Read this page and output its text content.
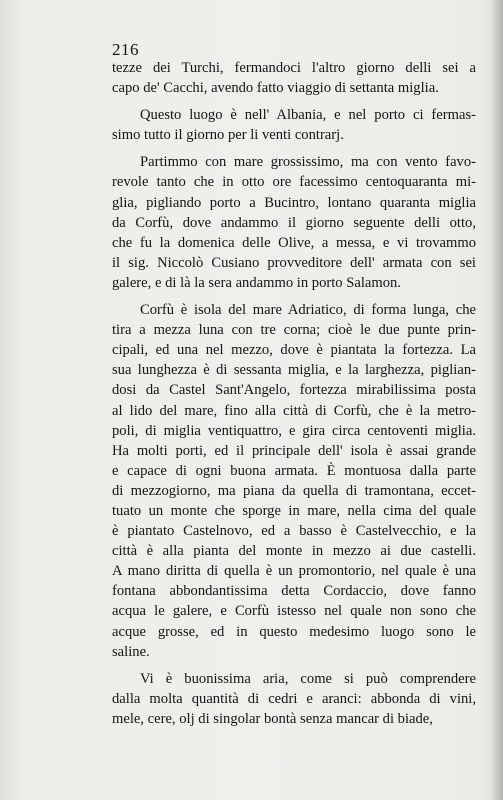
216
tezze dei Turchi, fermandoci l'altro giorno delli sei a
capo de' Cacchi, avendo fatto viaggio di settanta miglia.
Questo luogo è nell' Albania, e nel porto ci fermas-
simo tutto il giorno per li venti contrarj.
Partimmo con mare grossissimo, ma con vento favo-
revole tanto che in otto ore facessimo centoquaranta mi-
glia, pigliando porto a Bucintro, lontano quaranta miglia
da Corfù, dove andammo il giorno seguente delli otto,
che fu la domenica delle Olive, a messa, e vi trovammo
il sig. Niccolò Cusiano provveditore dell' armata con sei
galere, e di là la sera andammo in porto Salamon.
Corfù è isola del mare Adriatico, di forma lunga, che
tira a mezza luna con tre corna; cioè le due punte prin-
cipali, ed una nel mezzo, dove è piantata la fortezza. La
sua lunghezza è di sessanta miglia, e la larghezza, piglian-
dosi da Castel Sant'Angelo, fortezza mirabilissima posta
al lido del mare, fino alla città di Corfù, che è la metro-
poli, di miglia ventiquattro, e gira circa centoventi miglia.
Ha molti porti, ed il principale dell' isola è assai grande
e capace di ogni buona armata. È montuosa dalla parte
di mezzogiorno, ma piana da quella di tramontana, eccet-
tuato un monte che sporge in mare, nella cima del quale
è piantato Castelnovo, ed a basso è Castelvecchio, e la
città è alla pianta del monte in mezzo ai due castelli.
A mano diritta di quella è un promontorio, nel quale è una
fontana abbondantissima detta Cordaccio, dove fanno
acqua le galere, e Corfù istesso nel quale non sono che
acque grosse, ed in questo medesimo luogo sono le
saline.
Vi è buonissima aria, come si può comprendere
dalla molta quantità di cedri e aranci: abbonda di vini,
mele, cere, olj di singolar bontà senza mancar di biade,
